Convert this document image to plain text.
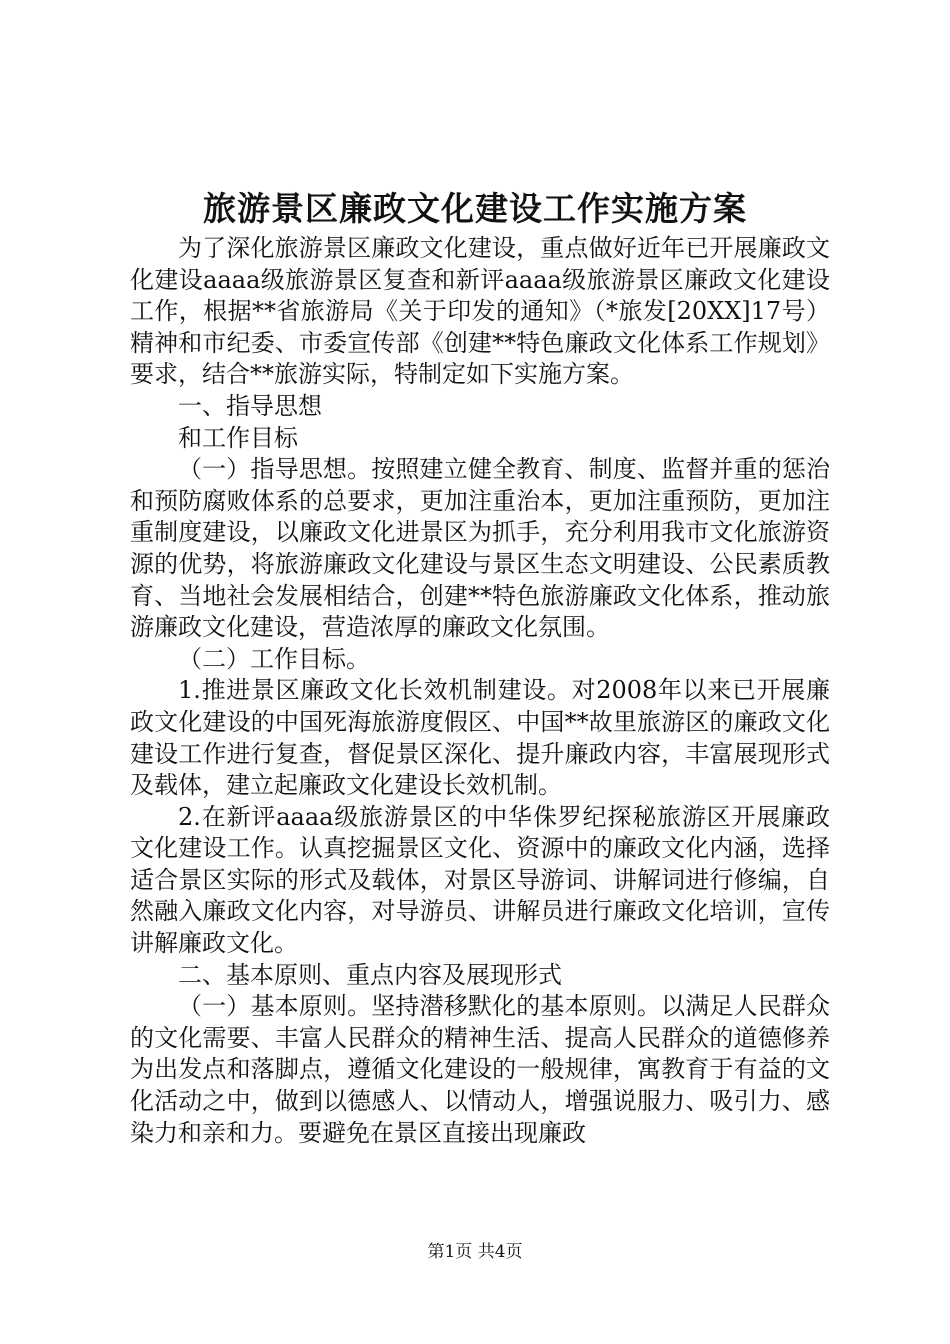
旅游景区廉政文化建设工作实施方案

为了深化旅游景区廉政文化建设，重点做好近年已开展廉政文化建设aaaa级旅游景区复查和新评aaaa级旅游景区廉政文化建设工作，根据**省旅游局《关于印发的通知》（*旅发[20XX]17号）精神和市纪委、市委宣传部《创建**特色廉政文化体系工作规划》要求，结合**旅游实际，特制定如下实施方案。

一、指导思想

和工作目标

（一）指导思想。按照建立健全教育、制度、监督并重的惩治和预防腐败体系的总要求，更加注重治本，更加注重预防，更加注重制度建设，以廉政文化进景区为抓手，充分利用我市文化旅游资源的优势，将旅游廉政文化建设与景区生态文明建设、公民素质教育、当地社会发展相结合，创建**特色旅游廉政文化体系，推动旅游廉政文化建设，营造浓厚的廉政文化氛围。

（二）工作目标。

1.推进景区廉政文化长效机制建设。对2008年以来已开展廉政文化建设的中国死海旅游度假区、中国**故里旅游区的廉政文化建设工作进行复查，督促景区深化、提升廉政内容，丰富展现形式及载体，建立起廉政文化建设长效机制。

2.在新评aaaa级旅游景区的中华侏罗纪探秘旅游区开展廉政文化建设工作。认真挖掘景区文化、资源中的廉政文化内涵，选择适合景区实际的形式及载体，对景区导游词、讲解词进行修编，自然融入廉政文化内容，对导游员、讲解员进行廉政文化培训，宣传讲解廉政文化。

二、基本原则、重点内容及展现形式

（一）基本原则。坚持潜移默化的基本原则。以满足人民群众的文化需要、丰富人民群众的精神生活、提高人民群众的道德修养为出发点和落脚点，遵循文化建设的一般规律，寓教育于有益的文化活动之中，做到以德感人、以情动人，增强说服力、吸引力、感染力和亲和力。要避免在景区直接出现廉政

第1页 共4页
